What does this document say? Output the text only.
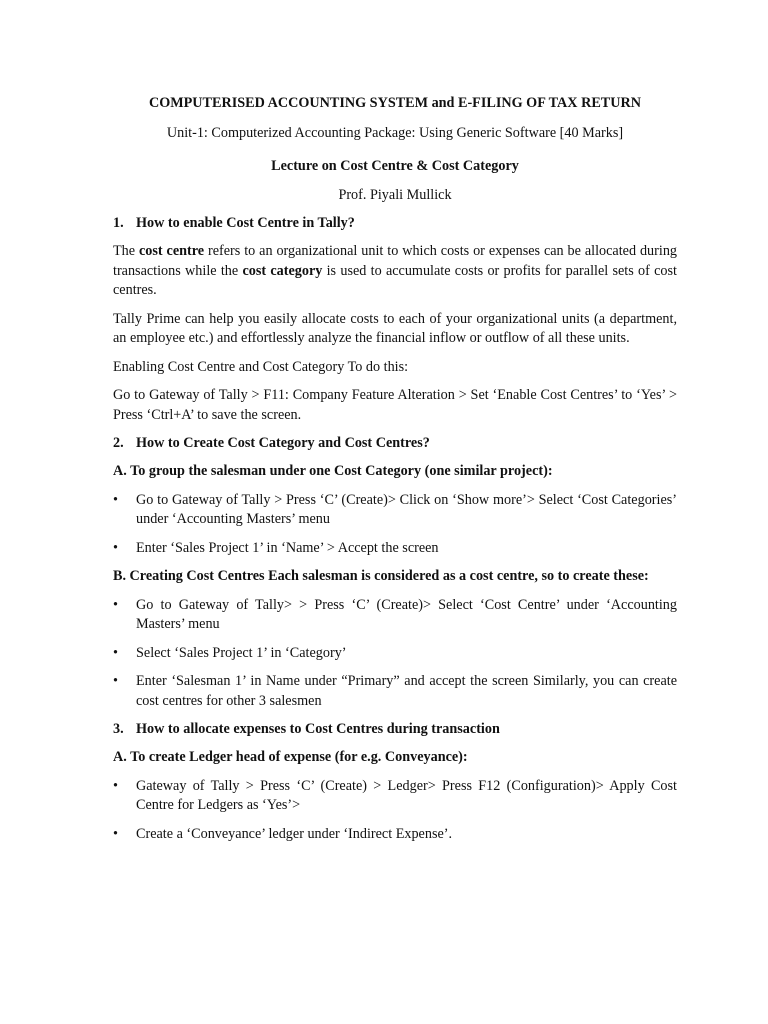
COMPUTERISED ACCOUNTING SYSTEM and E-FILING OF TAX RETURN
Unit-1: Computerized Accounting Package: Using Generic Software [40 Marks]
Lecture on Cost Centre & Cost Category
Prof. Piyali Mullick
1. How to enable Cost Centre in Tally?

The cost centre refers to an organizational unit to which costs or expenses can be allocated during transactions while the cost category is used to accumulate costs or profits for parallel sets of cost centres.

Tally Prime can help you easily allocate costs to each of your organizational units (a department, an employee etc.) and effortlessly analyze the financial inflow or outflow of all these units.

Enabling Cost Centre and Cost Category To do this:

Go to Gateway of Tally > F11: Company Feature Alteration > Set ‘Enable Cost Centres’ to ‘Yes’ > Press ‘Ctrl+A’ to save the screen.

2. How to Create Cost Category and Cost Centres?
A. To group the salesman under one Cost Category (one similar project):
• Go to Gateway of Tally > Press ‘C’ (Create)> Click on ‘Show more’> Select ‘Cost Categories’ under ‘Accounting Masters’ menu
• Enter ‘Sales Project 1’ in ‘Name’ > Accept the screen
B. Creating Cost Centres Each salesman is considered as a cost centre, so to create these:
• Go to Gateway of Tally> > Press ‘C’ (Create)> Select ‘Cost Centre’ under ‘Accounting Masters’ menu
• Select ‘Sales Project 1’ in ‘Category’
• Enter ‘Salesman 1’ in Name under “Primary” and accept the screen Similarly, you can create cost centres for other 3 salesmen
3. How to allocate expenses to Cost Centres during transaction
A. To create Ledger head of expense (for e.g. Conveyance):
• Gateway of Tally > Press ‘C’ (Create) > Ledger> Press F12 (Configuration)> Apply Cost Centre for Ledgers as ‘Yes’>
• Create a ‘Conveyance’ ledger under ‘Indirect Expense’.
